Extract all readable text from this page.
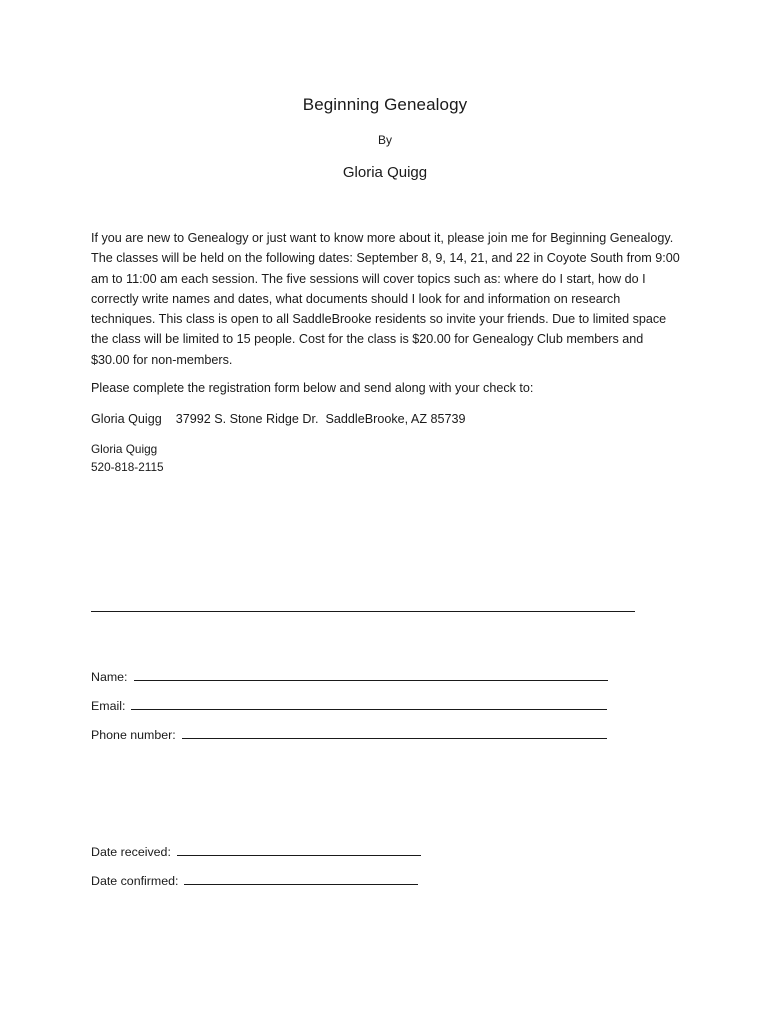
Beginning Genealogy
By
Gloria Quigg

If you are new to Genealogy or just want to know more about it, please join me for Beginning Genealogy. The classes will be held on the following dates: September 8, 9, 14, 21, and 22 in Coyote South from 9:00 am to 11:00 am each session. The five sessions will cover topics such as: where do I start, how do I correctly write names and dates, what documents should I look for and information on research techniques. This class is open to all SaddleBrooke residents so invite your friends. Due to limited space the class will be limited to 15 people. Cost for the class is $20.00 for Genealogy Club members and $30.00 for non-members.

Please complete the registration form below and send along with your check to:

Gloria Quigg    37992 S. Stone Ridge Dr.  SaddleBrooke, AZ 85739

Gloria Quigg

520-818-2115

Name:
Email:
Phone number:
Date received:
Date confirmed:
